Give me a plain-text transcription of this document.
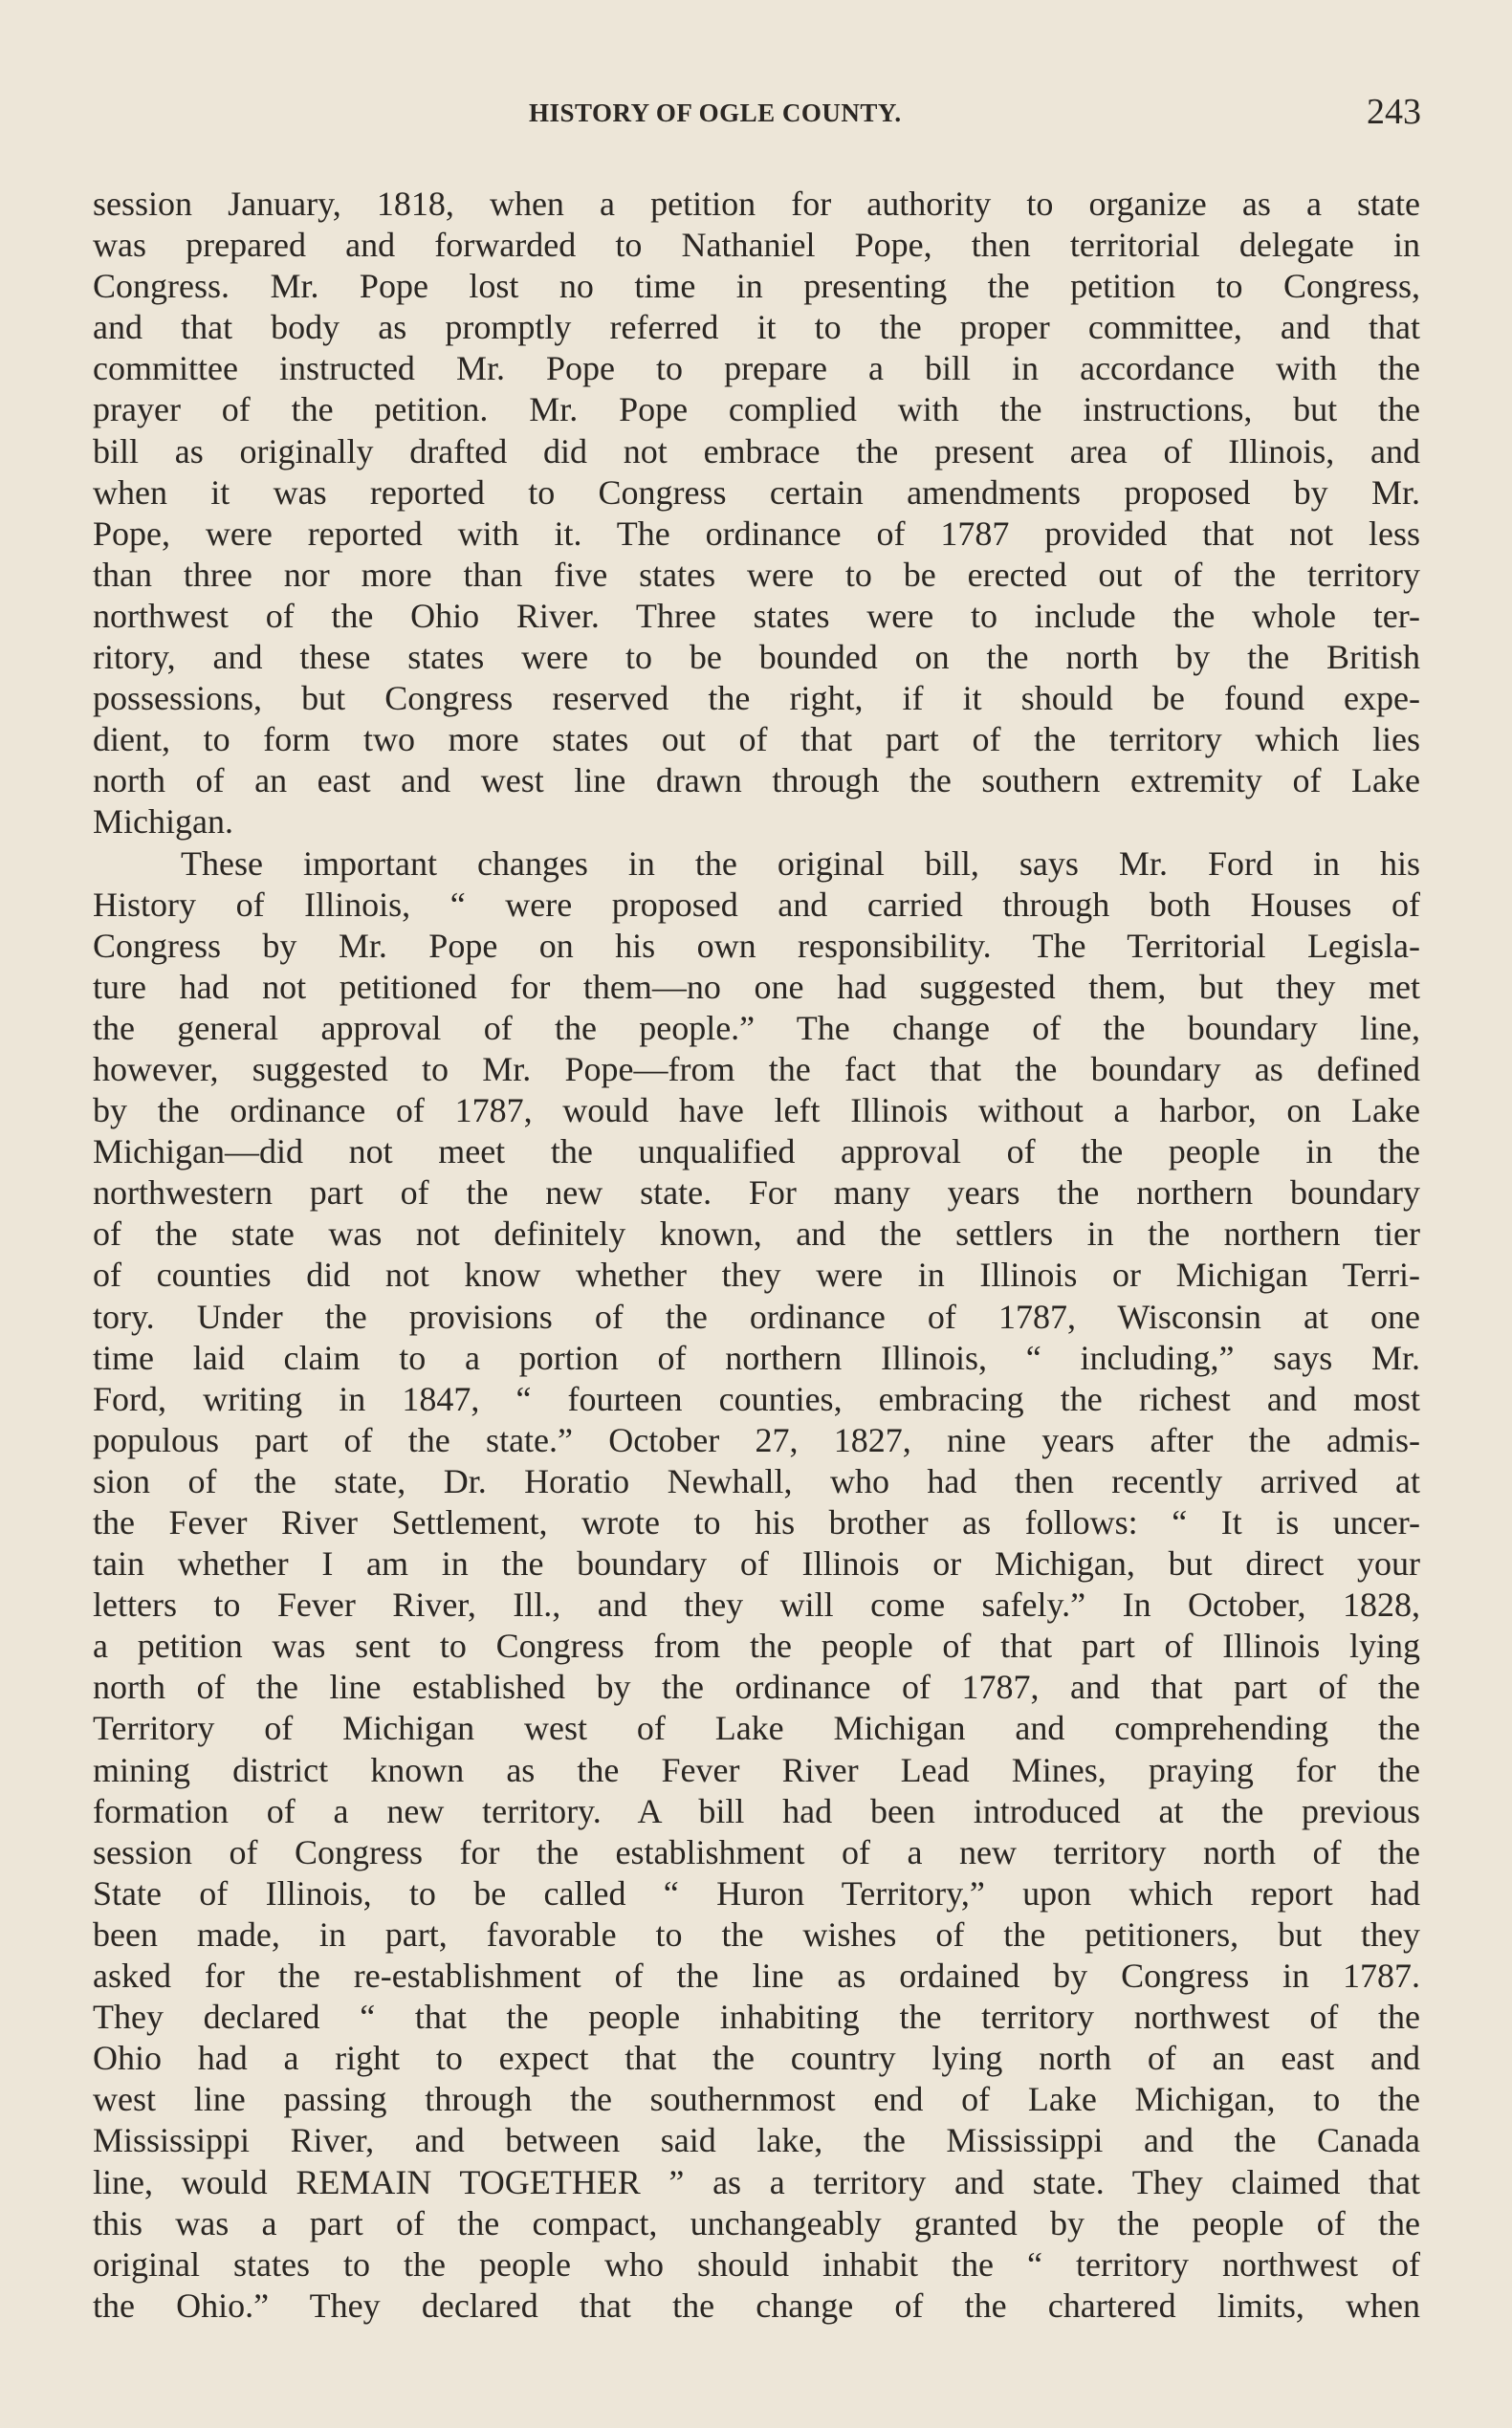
HISTORY OF OGLE COUNTY.	243
session January, 1818, when a petition for authority to organize as a state
was prepared and forwarded to Nathaniel Pope, then territorial delegate in
Congress. Mr. Pope lost no time in presenting the petition to Congress,
and that body as promptly referred it to the proper committee, and that
committee instructed Mr. Pope to prepare a bill in accordance with the
prayer of the petition. Mr. Pope complied with the instructions, but the
bill as originally drafted did not embrace the present area of Illinois, and
when it was reported to Congress certain amendments proposed by Mr.
Pope, were reported with it. The ordinance of 1787 provided that not less
than three nor more than five states were to be erected out of the territory
northwest of the Ohio River. Three states were to include the whole ter-
ritory, and these states were to be bounded on the north by the British
possessions, but Congress reserved the right, if it should be found expe-
dient, to form two more states out of that part of the territory which lies
north of an east and west line drawn through the southern extremity of Lake
Michigan.
These important changes in the original bill, says Mr. Ford in his
History of Illinois, “ were proposed and carried through both Houses of
Congress by Mr. Pope on his own responsibility. The Territorial Legisla-
ture had not petitioned for them—no one had suggested them, but they met
the general approval of the people.” The change of the boundary line,
however, suggested to Mr. Pope—from the fact that the boundary as defined
by the ordinance of 1787, would have left Illinois without a harbor, on Lake
Michigan—did not meet the unqualified approval of the people in the
northwestern part of the new state. For many years the northern boundary
of the state was not definitely known, and the settlers in the northern tier
of counties did not know whether they were in Illinois or Michigan Terri-
tory. Under the provisions of the ordinance of 1787, Wisconsin at one
time laid claim to a portion of northern Illinois, “ including,” says Mr.
Ford, writing in 1847, “ fourteen counties, embracing the richest and most
populous part of the state.” October 27, 1827, nine years after the admis-
sion of the state, Dr. Horatio Newhall, who had then recently arrived at
the Fever River Settlement, wrote to his brother as follows: “ It is uncer-
tain whether I am in the boundary of Illinois or Michigan, but direct your
letters to Fever River, Ill., and they will come safely.” In October, 1828,
a petition was sent to Congress from the people of that part of Illinois lying
north of the line established by the ordinance of 1787, and that part of the
Territory of Michigan west of Lake Michigan and comprehending the
mining district known as the Fever River Lead Mines, praying for the
formation of a new territory. A bill had been introduced at the previous
session of Congress for the establishment of a new territory north of the
State of Illinois, to be called “ Huron Territory,” upon which report had
been made, in part, favorable to the wishes of the petitioners, but they
asked for the re-establishment of the line as ordained by Congress in 1787.
They declared “ that the people inhabiting the territory northwest of the
Ohio had a right to expect that the country lying north of an east and
west line passing through the southernmost end of Lake Michigan, to the
Mississippi River, and between said lake, the Mississippi and the Canada
line, would REMAIN TOGETHER ” as a territory and state. They claimed that
this was a part of the compact, unchangeably granted by the people of the
original states to the people who should inhabit the “ territory northwest of
the Ohio.” They declared that the change of the chartered limits, when
